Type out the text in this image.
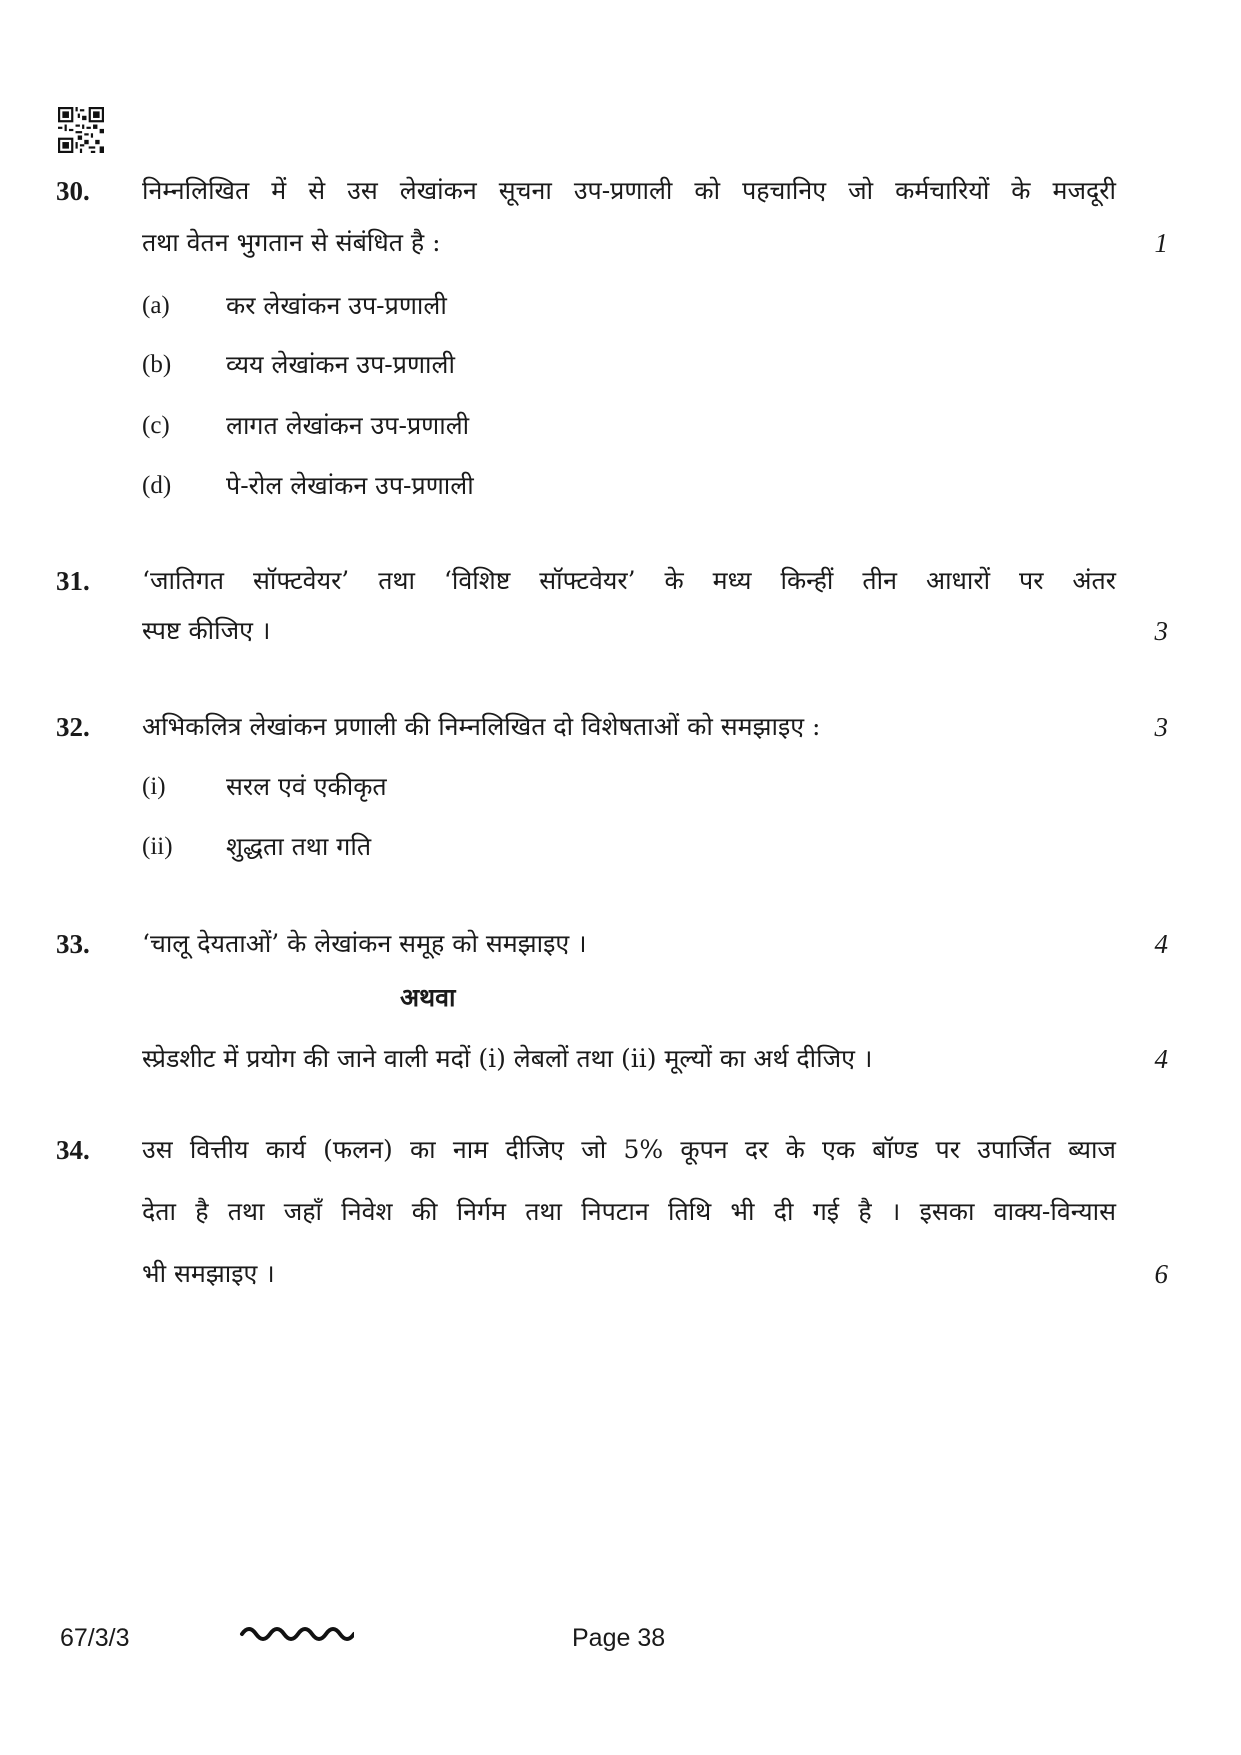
30. निम्नलिखित में से उस लेखांकन सूचना उप-प्रणाली को पहचानिए जो कर्मचारियों के मजदूरी
तथा वेतन भुगतान से संबंधित है :	1
(a) कर लेखांकन उप-प्रणाली
(b) व्यय लेखांकन उप-प्रणाली
(c) लागत लेखांकन उप-प्रणाली
(d) पे-रोल लेखांकन उप-प्रणाली
31. ‘जातिगत सॉफ्टवेयर’ तथा ‘विशिष्ट सॉफ्टवेयर’ के मध्य किन्हीं तीन आधारों पर अंतर
स्पष्ट कीजिए ।	3
32. अभिकलित्र लेखांकन प्रणाली की निम्नलिखित दो विशेषताओं को समझाइए :	3
(i) सरल एवं एकीकृत
(ii) शुद्धता तथा गति
33. ‘चालू देयताओं’ के लेखांकन समूह को समझाइए ।	4
अथवा
स्प्रेडशीट में प्रयोग की जाने वाली मदों (i) लेबलों तथा (ii) मूल्यों का अर्थ दीजिए ।	4
34. उस वित्तीय कार्य (फलन) का नाम दीजिए जो 5% कूपन दर के एक बॉण्ड पर उपार्जित ब्याज
देता है तथा जहाँ निवेश की निर्गम तथा निपटान तिथि भी दी गई है । इसका वाक्य-विन्यास
भी समझाइए ।	6
67/3/3	Page 38
